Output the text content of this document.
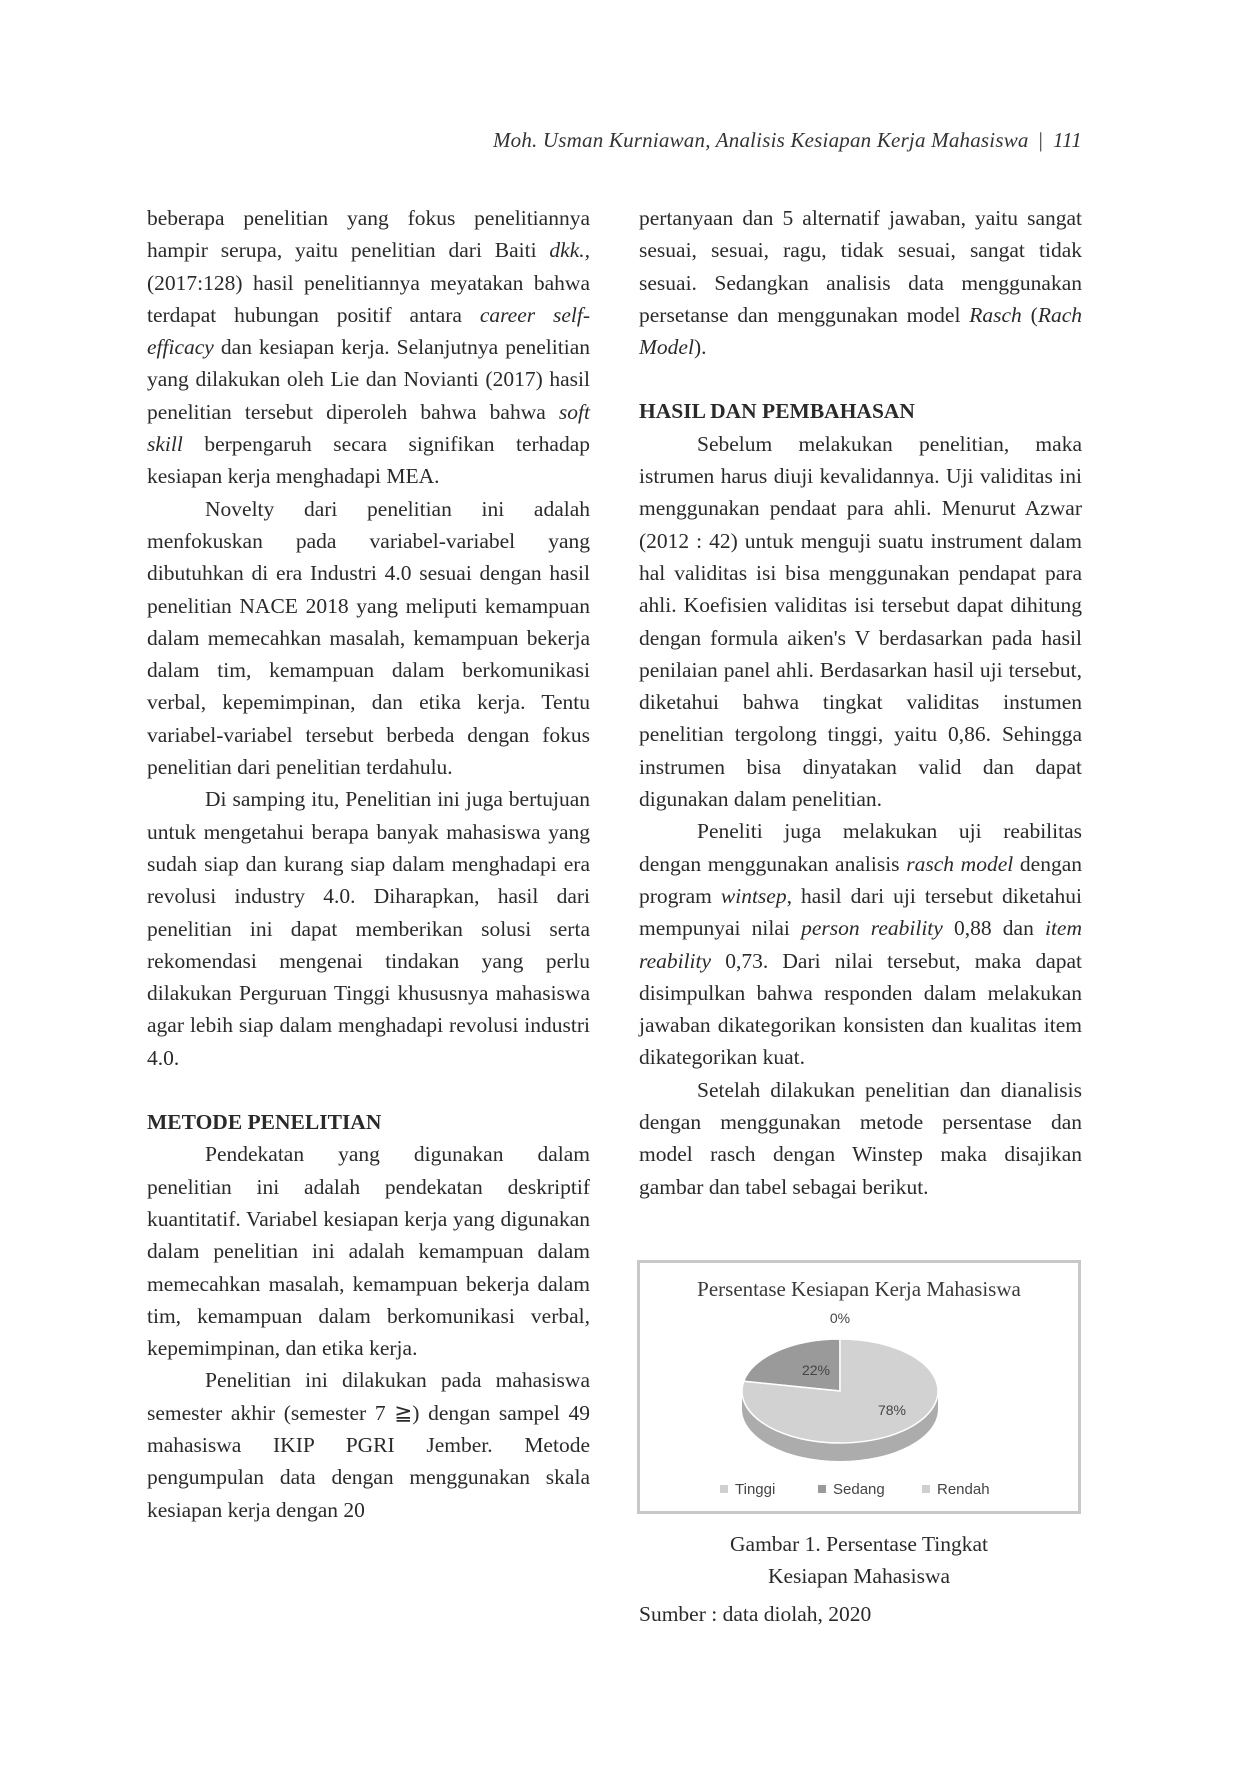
Moh. Usman Kurniawan, Analisis Kesiapan Kerja Mahasiswa | 111

beberapa penelitian yang fokus penelitiannya hampir serupa, yaitu penelitian dari Baiti dkk., (2017:128) hasil penelitiannya meyatakan bahwa terdapat hubungan positif antara career self-efficacy dan kesiapan kerja. Selanjutnya penelitian yang dilakukan oleh Lie dan Novianti (2017) hasil penelitian tersebut diperoleh bahwa bahwa soft skill berpengaruh secara signifikan terhadap kesiapan kerja menghadapi MEA.

Novelty dari penelitian ini adalah menfokuskan pada variabel-variabel yang dibutuhkan di era Industri 4.0 sesuai dengan hasil penelitian NACE 2018 yang meliputi kemampuan dalam memecahkan masalah, kemampuan bekerja dalam tim, kemampuan dalam berkomunikasi verbal, kepemimpinan, dan etika kerja. Tentu variabel-variabel tersebut berbeda dengan fokus penelitian dari penelitian terdahulu.

Di samping itu, Penelitian ini juga bertujuan untuk mengetahui berapa banyak mahasiswa yang sudah siap dan kurang siap dalam menghadapi era revolusi industry 4.0. Diharapkan, hasil dari penelitian ini dapat memberikan solusi serta rekomendasi mengenai tindakan yang perlu dilakukan Perguruan Tinggi khususnya mahasiswa agar lebih siap dalam menghadapi revolusi industri 4.0.

METODE PENELITIAN

Pendekatan yang digunakan dalam penelitian ini adalah pendekatan deskriptif kuantitatif. Variabel kesiapan kerja yang digunakan dalam penelitian ini adalah kemampuan dalam memecahkan masalah, kemampuan bekerja dalam tim, kemampuan dalam berkomunikasi verbal, kepemimpinan, dan etika kerja.

Penelitian ini dilakukan pada mahasiswa semester akhir (semester 7 ≧) dengan sampel 49 mahasiswa IKIP PGRI Jember. Metode pengumpulan data dengan menggunakan skala kesiapan kerja dengan 20

pertanyaan dan 5 alternatif jawaban, yaitu sangat sesuai, sesuai, ragu, tidak sesuai, sangat tidak sesuai. Sedangkan analisis data menggunakan persetanse dan menggunakan model Rasch (Rach Model).

HASIL DAN PEMBAHASAN

Sebelum melakukan penelitian, maka istrumen harus diuji kevalidannya. Uji validitas ini menggunakan pendaat para ahli. Menurut Azwar (2012 : 42) untuk menguji suatu instrument dalam hal validitas isi bisa menggunakan pendapat para ahli. Koefisien validitas isi tersebut dapat dihitung dengan formula aiken's V berdasarkan pada hasil penilaian panel ahli. Berdasarkan hasil uji tersebut, diketahui bahwa tingkat validitas instumen penelitian tergolong tinggi, yaitu 0,86. Sehingga instrumen bisa dinyatakan valid dan dapat digunakan dalam penelitian.

Peneliti juga melakukan uji reabilitas dengan menggunakan analisis rasch model dengan program wintsep, hasil dari uji tersebut diketahui mempunyai nilai person reability 0,88 dan item reability 0,73. Dari nilai tersebut, maka dapat disimpulkan bahwa responden dalam melakukan jawaban dikategorikan konsisten dan kualitas item dikategorikan kuat.

Setelah dilakukan penelitian dan dianalisis dengan menggunakan metode persentase dan model rasch dengan Winstep maka disajikan gambar dan tabel sebagai berikut.

Persentase Kesiapan Kerja Mahasiswa
78%
22%
0%
Tinggi	Sedang	Rendah
Gambar 1. Persentase Tingkat
Kesiapan Mahasiswa
Sumber : data diolah, 2020
